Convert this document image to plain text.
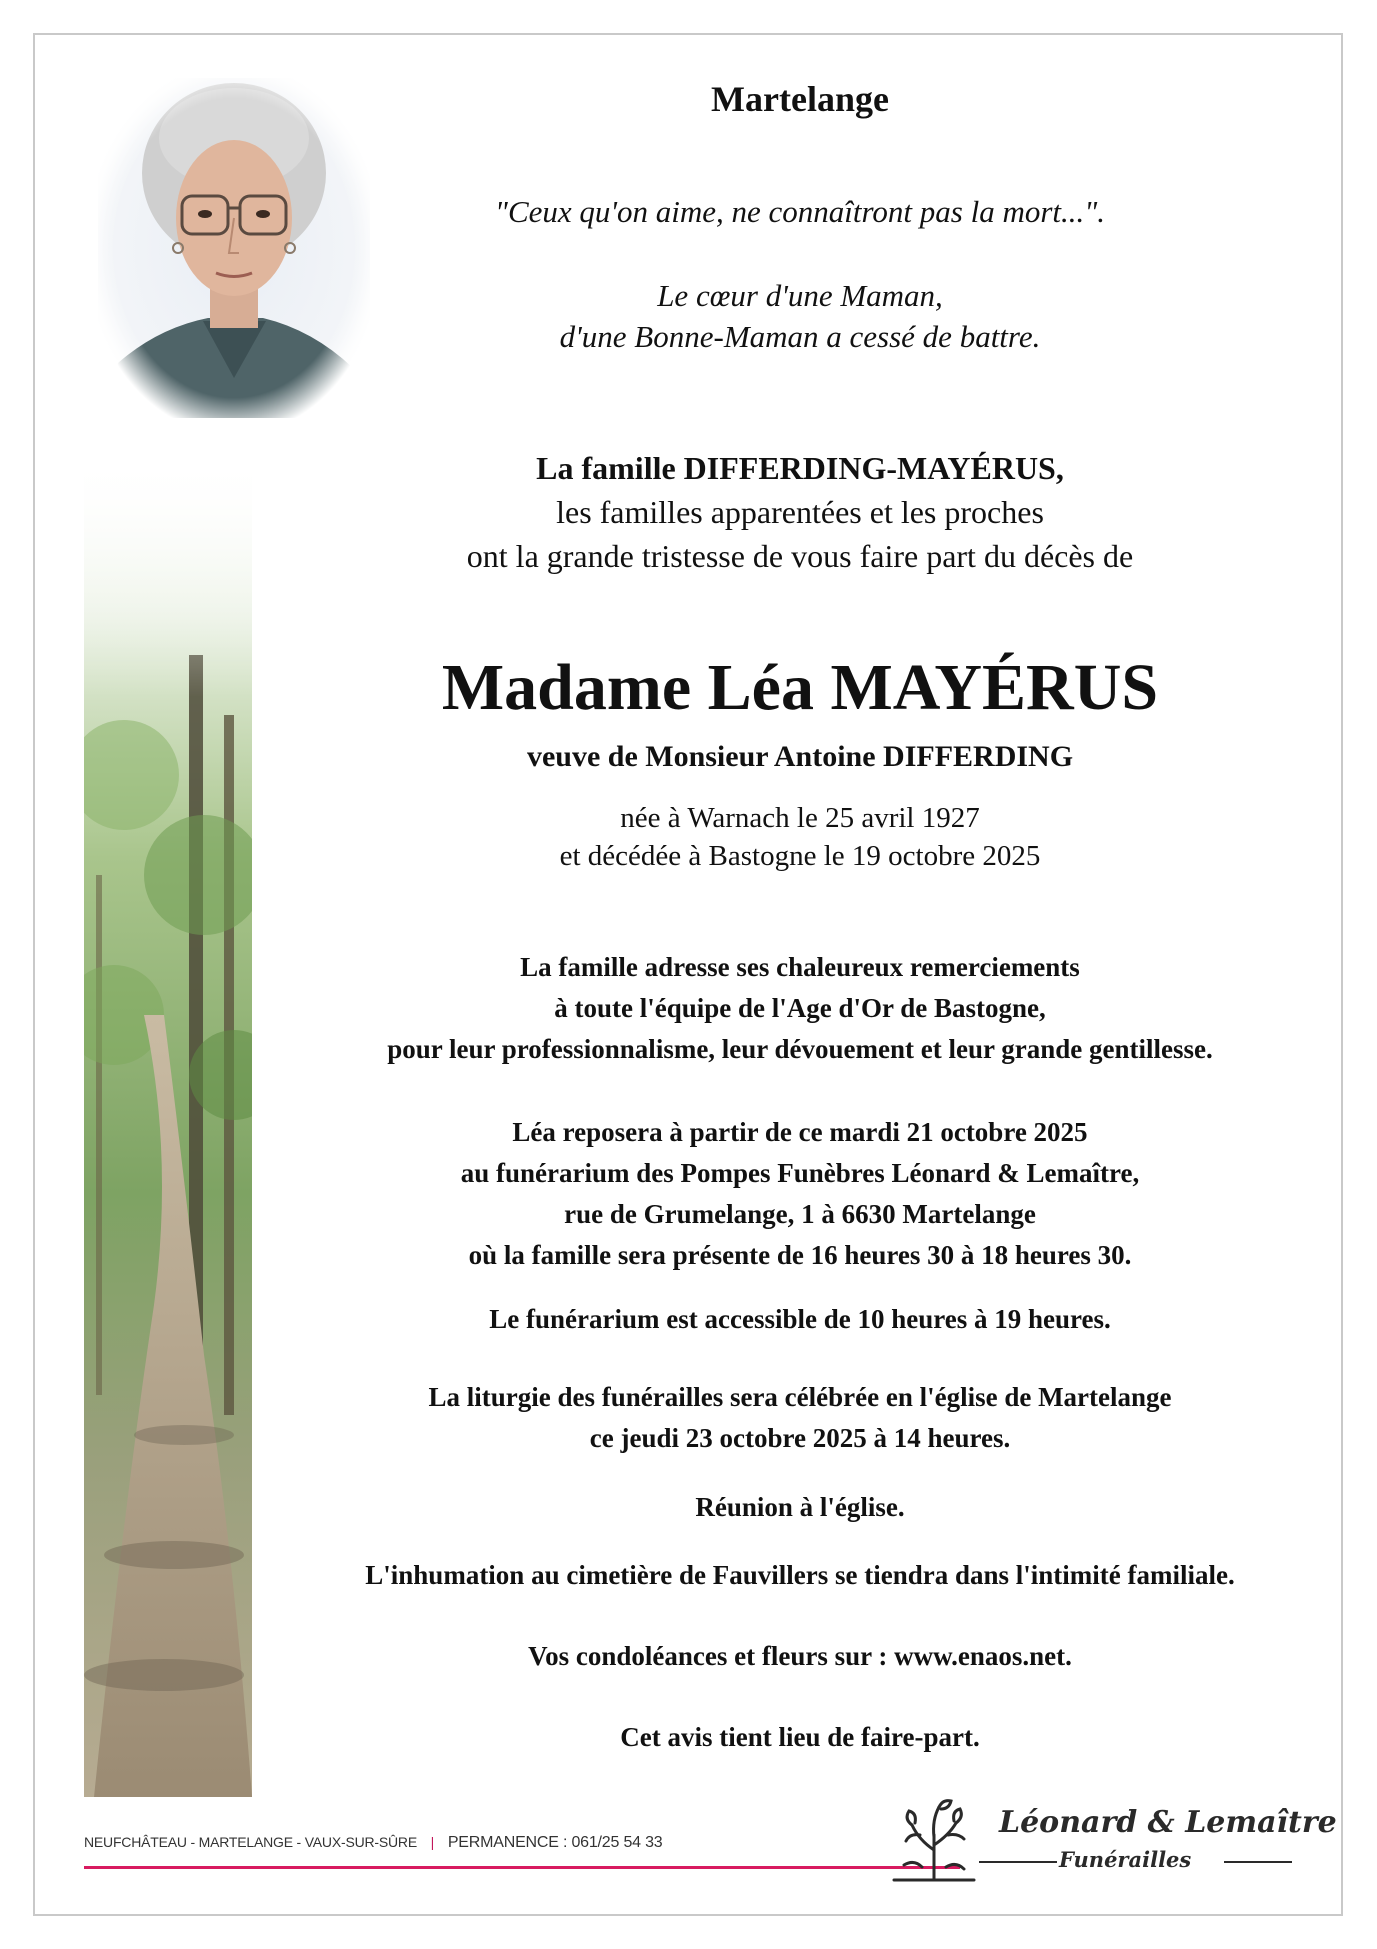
Martelange
"Ceux qu'on aime, ne connaîtront pas la mort...".
Le cœur d'une Maman,
d'une Bonne-Maman a cessé de battre.
La famille DIFFERDING-MAYÉRUS,
les familles apparentées et les proches
ont la grande tristesse de vous faire part du décès de
Madame Léa MAYÉRUS
veuve de Monsieur Antoine DIFFERDING
née à Warnach le 25 avril 1927
et décédée à Bastogne le 19 octobre 2025
La famille adresse ses chaleureux remerciements
à toute l'équipe de l'Age d'Or de Bastogne,
pour leur professionnalisme, leur dévouement et leur grande gentillesse.
Léa reposera à partir de ce mardi 21 octobre 2025
au funérarium des Pompes Funèbres Léonard & Lemaître,
rue de Grumelange, 1 à 6630 Martelange
où la famille sera présente de 16 heures 30 à 18 heures 30.
Le funérarium est accessible de 10 heures à 19 heures.
La liturgie des funérailles sera célébrée en l'église de Martelange
ce jeudi 23 octobre 2025 à 14 heures.
Réunion à l'église.
L'inhumation au cimetière de Fauvillers se tiendra dans l'intimité familiale.
Vos condoléances et fleurs sur : www.enaos.net.
Cet avis tient lieu de faire-part.
NEUFCHÂTEAU - MARTELANGE - VAUX-SUR-SÛRE | PERMANENCE : 061/25 54 33
Léonard & Lemaître
Funérailles
